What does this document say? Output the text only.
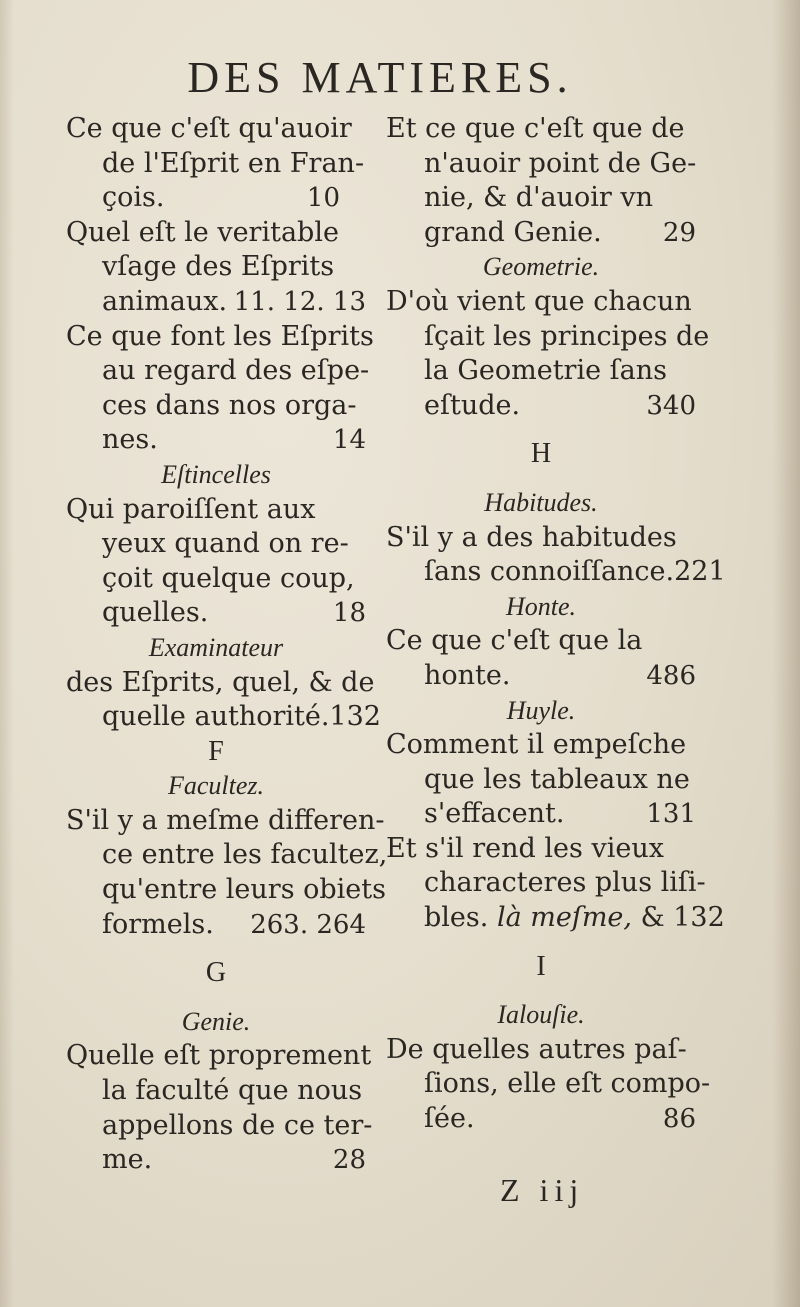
DES MATIERES.
Ce que c'eſt qu'auoir
de l'Eſprit en Fran-
çois.	10
Quel eſt le veritable
vſage des Eſprits
animaux. 11. 12. 13
Ce que font les Eſprits
au regard des eſpe-
ces dans nos orga-
nes.	14
Eſtincelles
Qui paroiſſent aux
yeux quand on re-
çoit quelque coup,
quelles.	18
Examinateur
des Eſprits, quel, & de
quelle authorité.132
F
Facultez.
S'il y a meſme differen-
ce entre les facultez,
qu'entre leurs obiets
formels. 263. 264
G
Genie.
Quelle eſt proprement
la faculté que nous
appellons de ce ter-
me.	28
Et ce que c'eſt que de
n'auoir point de Ge-
nie, & d'auoir vn
grand Genie. 29
Geometrie.
D'où vient que chacun
ſçait les principes de
la Geometrie ſans
eſtude.	340
H
Habitudes.
S'il y a des habitudes
ſans connoiſſance.221
Honte.
Ce que c'eſt que la
honte.	486
Huyle.
Comment il empeſche
que les tableaux ne
s'effacent.	131
Et s'il rend les vieux
characteres plus liſi-
bles. là meſme, & 132
I
Ialouſie.
De quelles autres paſ-
ſions, elle eſt compo-
ſée.	86
Z iij
